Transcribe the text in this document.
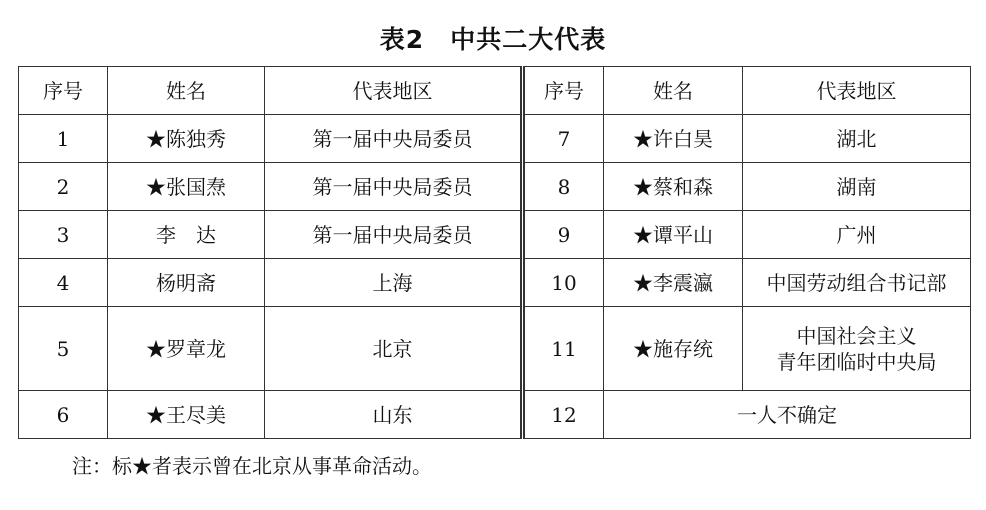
表2 中共二大代表
序号	姓名	代表地区	序号	姓名	代表地区
1	★陈独秀	第一届中央局委员	7	★许白昊	湖北
2	★张国焘	第一届中央局委员	8	★蔡和森	湖南
3	李　达	第一届中央局委员	9	★谭平山	广州
4	杨明斋	上海	10	★李震瀛	中国劳动组合书记部
5	★罗章龙	北京	11	★施存统	中国社会主义
青年团临时中央局

6	★王尽美	山东	12	一人不确定	
注：标★者表示曾在北京从事革命活动。
